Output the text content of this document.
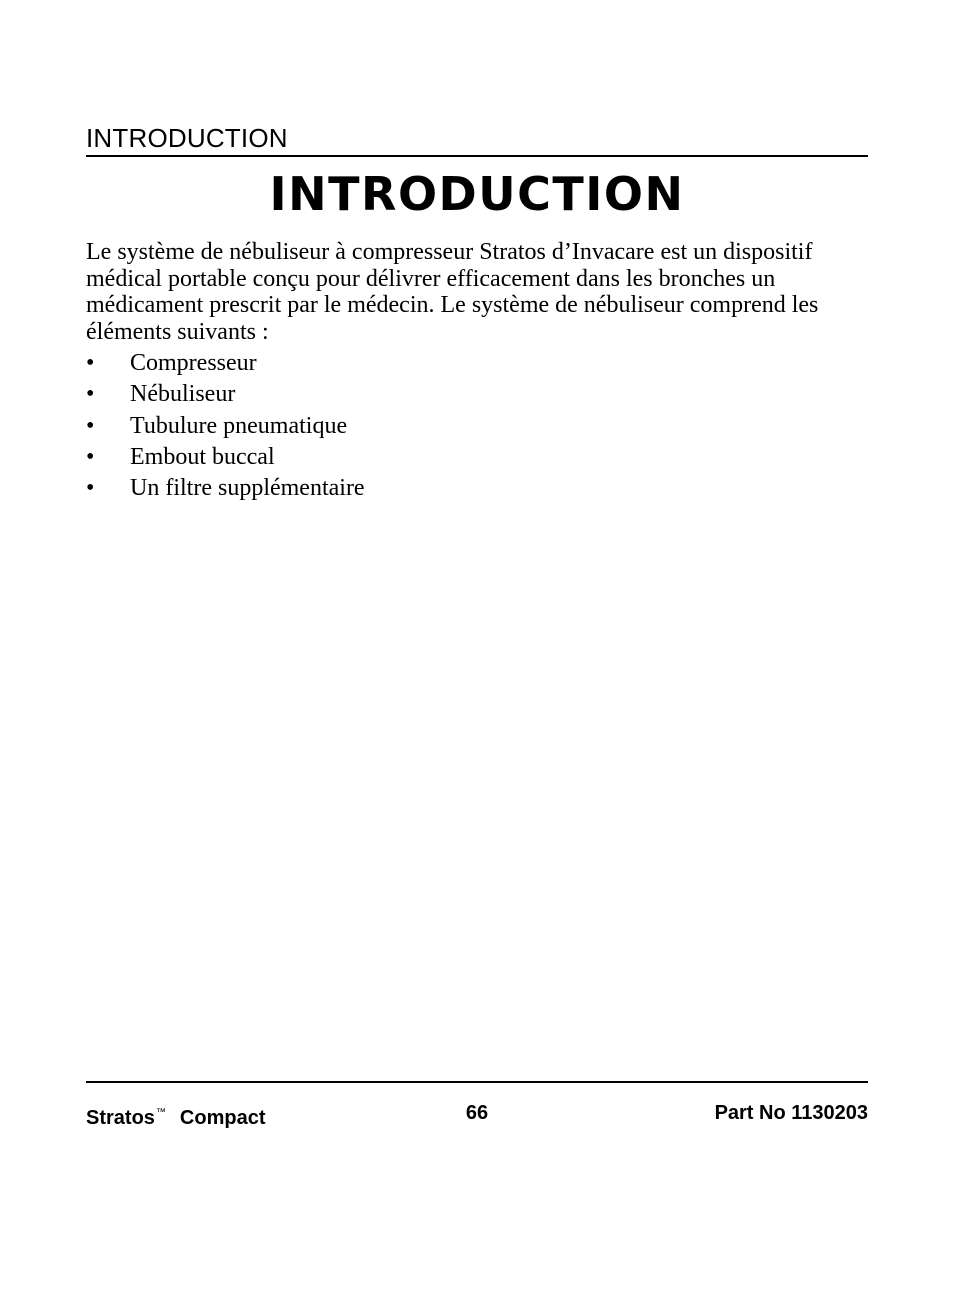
INTRODUCTION
INTRODUCTION

Le système de nébuliseur à compresseur Stratos d’Invacare est un dispositif médical portable conçu pour délivrer efficacement dans les bronches un médicament prescrit par le médecin. Le système de nébuliseur comprend les éléments suivants :

• Compresseur
• Nébuliseur
• Tubulure pneumatique
• Embout buccal
• Un filtre supplémentaire
66
Stratos™ Compact	Part No 1130203
